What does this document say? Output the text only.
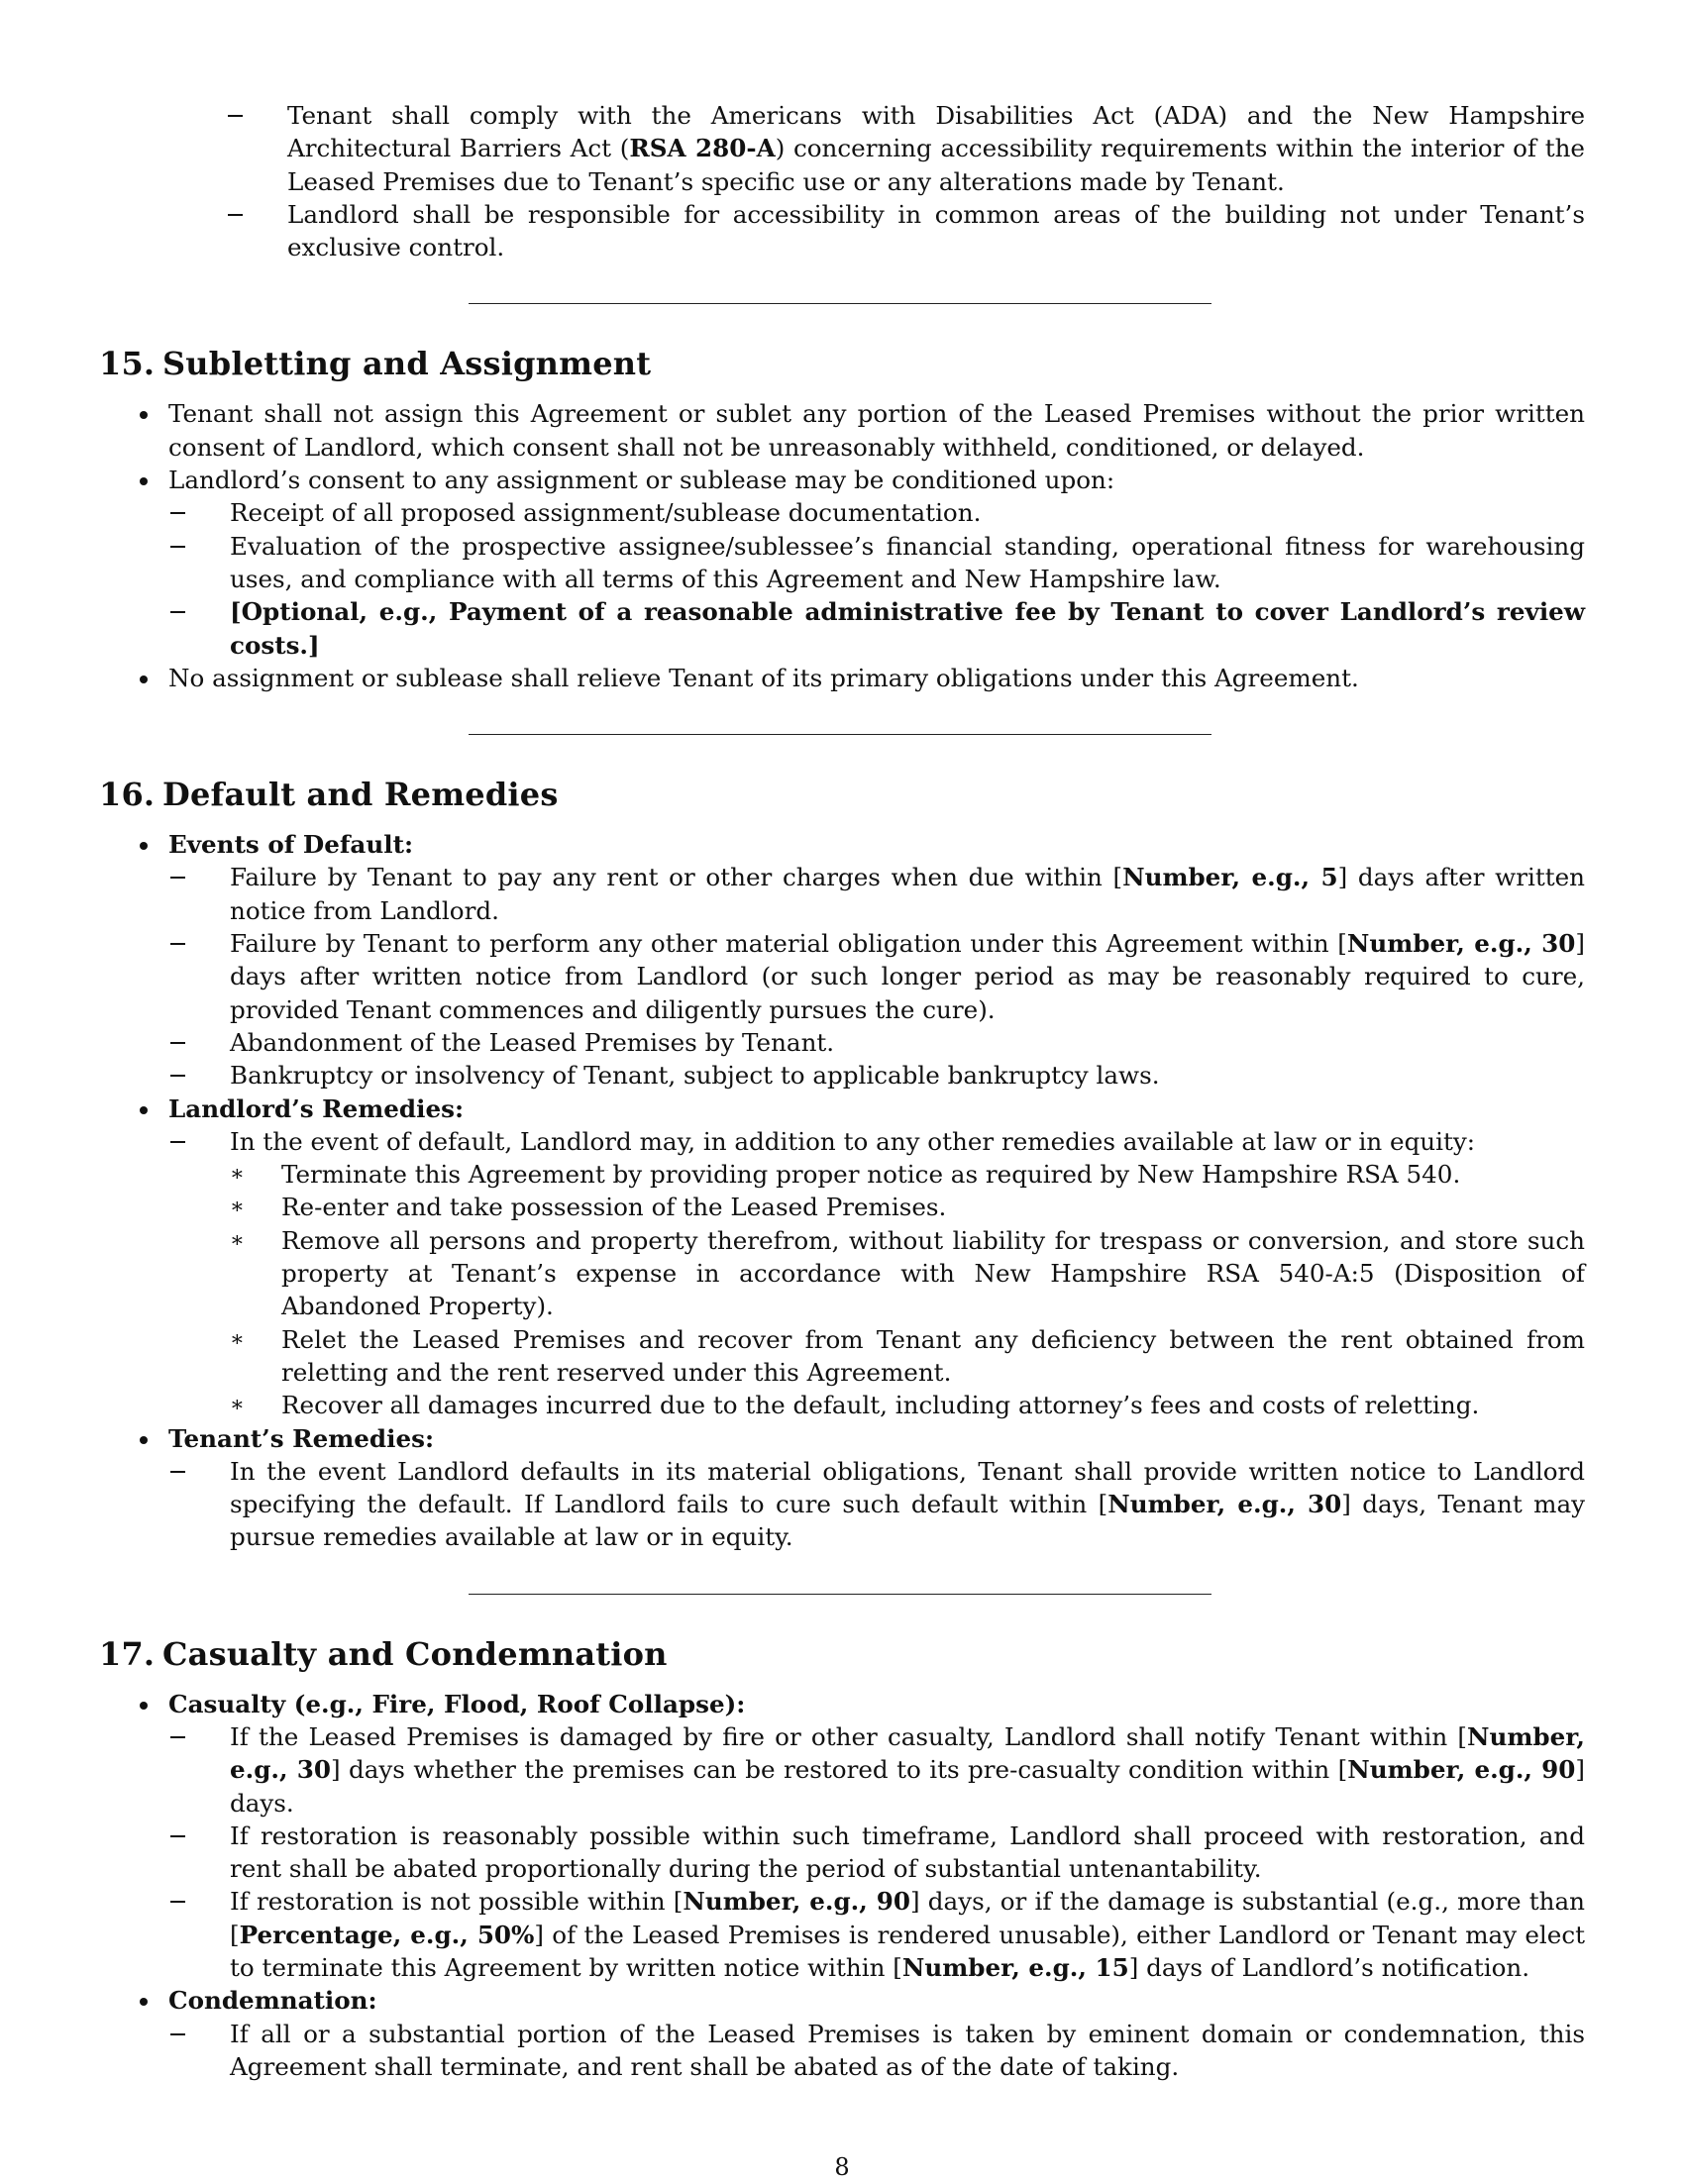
Tenant shall comply with the Americans with Disabilities Act (ADA) and the New Hampshire Architectural Barriers Act (RSA 280-A) concerning accessibility requirements within the interior of the Leased Premises due to Tenant’s specific use or any alterations made by Tenant.
Landlord shall be responsible for accessibility in common areas of the building not under Tenant’s exclusive control.
15. Subletting and Assignment
Tenant shall not assign this Agreement or sublet any portion of the Leased Premises without the prior written consent of Landlord, which consent shall not be unreasonably withheld, conditioned, or delayed.
Landlord’s consent to any assignment or sublease may be conditioned upon:
Receipt of all proposed assignment/sublease documentation.
Evaluation of the prospective assignee/sublessee’s financial standing, operational fitness for warehousing uses, and compliance with all terms of this Agreement and New Hampshire law.
[Optional, e.g., Payment of a reasonable administrative fee by Tenant to cover Landlord’s review costs.]
No assignment or sublease shall relieve Tenant of its primary obligations under this Agreement.
16. Default and Remedies
Events of Default:
Failure by Tenant to pay any rent or other charges when due within [Number, e.g., 5] days after written notice from Landlord.
Failure by Tenant to perform any other material obligation under this Agreement within [Number, e.g., 30] days after written notice from Landlord (or such longer period as may be reasonably required to cure, provided Tenant commences and diligently pursues the cure).
Abandonment of the Leased Premises by Tenant.
Bankruptcy or insolvency of Tenant, subject to applicable bankruptcy laws.
Landlord’s Remedies:
In the event of default, Landlord may, in addition to any other remedies available at law or in equity:
∗ Terminate this Agreement by providing proper notice as required by New Hampshire RSA 540.
∗ Re-enter and take possession of the Leased Premises.
∗ Remove all persons and property therefrom, without liability for trespass or conversion, and store such property at Tenant’s expense in accordance with New Hampshire RSA 540-A:5 (Disposition of Abandoned Property).
∗ Relet the Leased Premises and recover from Tenant any deficiency between the rent obtained from reletting and the rent reserved under this Agreement.
∗ Recover all damages incurred due to the default, including attorney’s fees and costs of reletting.
Tenant’s Remedies:
In the event Landlord defaults in its material obligations, Tenant shall provide written notice to Landlord specifying the default. If Landlord fails to cure such default within [Number, e.g., 30] days, Tenant may pursue remedies available at law or in equity.
17. Casualty and Condemnation
Casualty (e.g., Fire, Flood, Roof Collapse):
If the Leased Premises is damaged by fire or other casualty, Landlord shall notify Tenant within [Number, e.g., 30] days whether the premises can be restored to its pre-casualty condition within [Number, e.g., 90] days.
If restoration is reasonably possible within such timeframe, Landlord shall proceed with restoration, and rent shall be abated proportionally during the period of substantial untenantability.
If restoration is not possible within [Number, e.g., 90] days, or if the damage is substantial (e.g., more than [Percentage, e.g., 50%] of the Leased Premises is rendered unusable), either Landlord or Tenant may elect to terminate this Agreement by written notice within [Number, e.g., 15] days of Landlord’s notification.
Condemnation:
If all or a substantial portion of the Leased Premises is taken by eminent domain or condemnation, this Agreement shall terminate, and rent shall be abated as of the date of taking.
8
